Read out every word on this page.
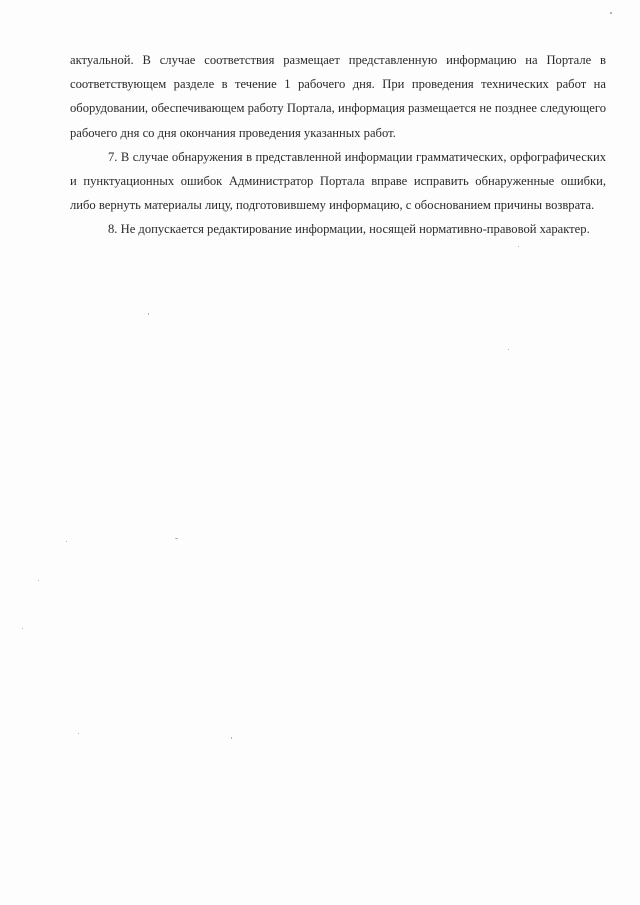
актуальной. В случае соответствия размещает представленную информацию на Портале в соответствующем разделе в течение 1 рабочего дня. При проведения технических работ на оборудовании, обеспечивающем работу Портала, информация размещается не позднее следующего рабочего дня со дня окончания проведения указанных работ.

7. В случае обнаружения в представленной информации грамматических, орфографических и пунктуационных ошибок Администратор Портала вправе исправить обнаруженные ошибки, либо вернуть материалы лицу, подготовившему информацию, с обоснованием причины возврата.

8. Не допускается редактирование информации, носящей нормативно-правовой характер.
